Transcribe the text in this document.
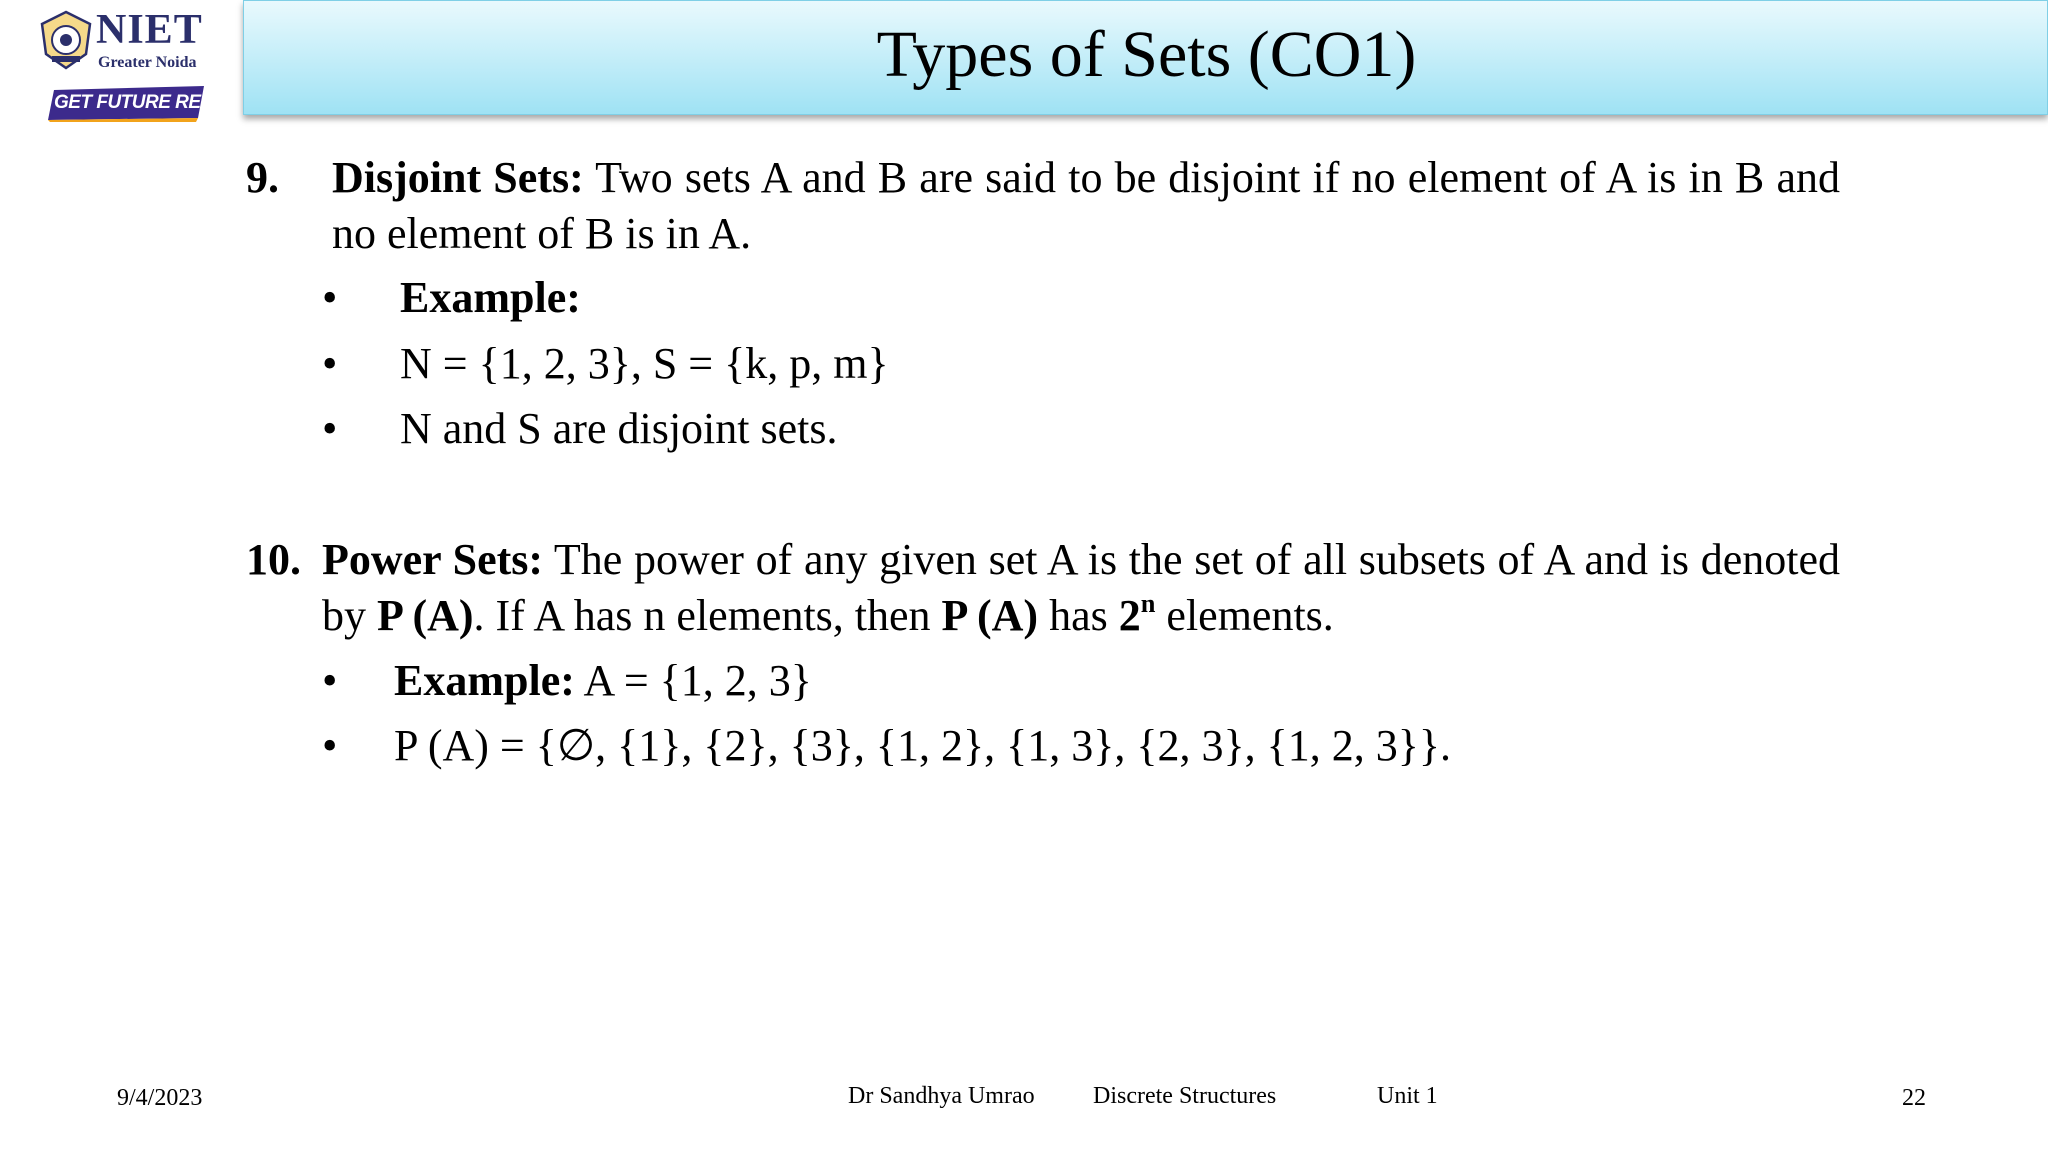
NIET
Greater Noida
GET FUTURE READY
Types of Sets (CO1)
9. Disjoint Sets: Two sets A and B are said to be disjoint if no element of A is in B and no element of B is in A.
• Example:
• N = {1, 2, 3}, S = {k, p, m}
• N and S are disjoint sets.
10. Power Sets: The power of any given set A is the set of all subsets of A and is denoted by P (A). If A has n elements, then P (A) has 2$^n$ elements.
• Example: A = {1, 2, 3}
• P (A) = {∅, {1}, {2}, {3}, {1, 2}, {1, 3}, {2, 3}, {1, 2, 3}}.
9/4/2023	Dr Sandhya Umrao Discrete Structures	Unit 1	22
